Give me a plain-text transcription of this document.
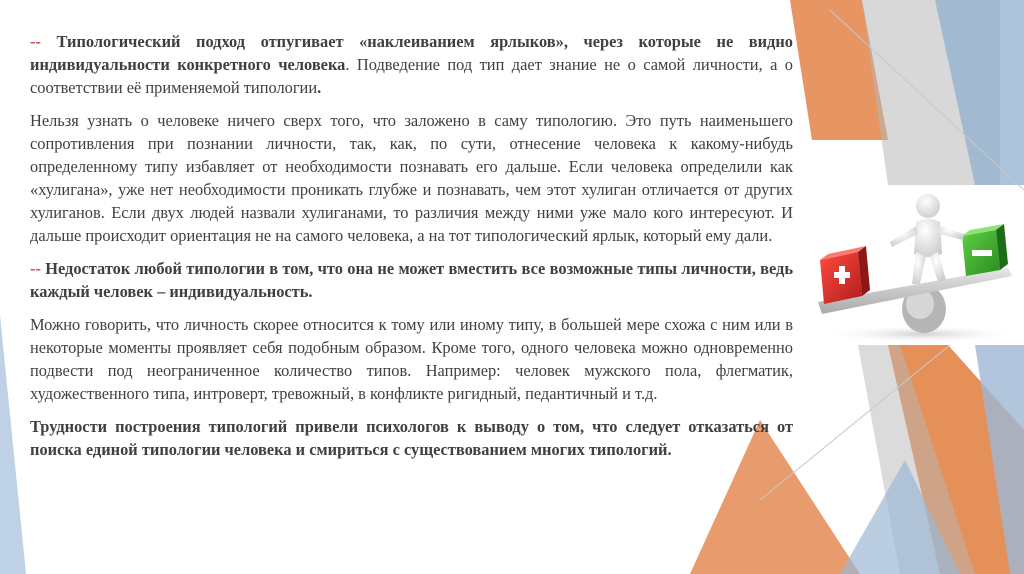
-- Типологический подход отпугивает «наклеиванием ярлыков», через которые не видно индивидуальности конкретного человека. Подведение под тип дает знание не о самой личности, а о соответствии её применяемой типологии.

Нельзя узнать о человеке ничего сверх того, что заложено в саму типологию. Это путь наименьшего сопротивления при познании личности, так, как, по сути, отнесение человека к какому-нибудь определенному типу избавляет от необходимости познавать его дальше. Если человека определили как «хулигана», уже нет необходимости проникать глубже и познавать, чем этот хулиган отличается от других хулиганов. Если двух людей назвали хулиганами, то различия между ними уже мало кого интересуют. И дальше происходит ориентация не на самого человека, а на тот типологический ярлык, который ему дали.

-- Недостаток любой типологии в том, что она не может вместить все возможные типы личности, ведь каждый человек – индивидуальность.

Можно говорить, что личность скорее относится к тому или иному типу, в большей мере схожа с ним или в некоторые моменты проявляет себя подобным образом. Кроме того, одного человека можно одновременно подвести под неограниченное количество типов. Например: человек мужского пола, флегматик, художественного типа, интроверт, тревожный, в конфликте ригидный, педантичный и т.д.

Трудности построения типологий привели психологов к выводу о том, что следует отказаться от поиска единой типологии человека и смириться с существованием многих типологий.
